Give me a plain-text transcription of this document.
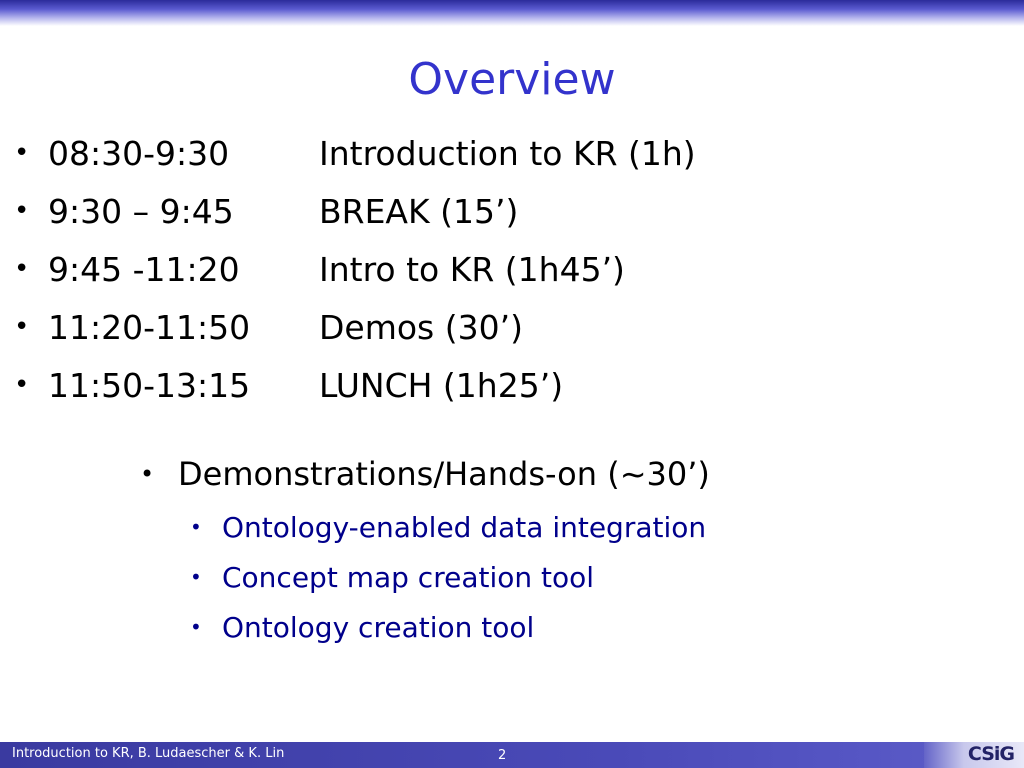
Overview
• 08:30-9:30	Introduction to KR (1h)
• 9:30 – 9:45	BREAK (15’)
• 9:45 -11:20	Intro to KR (1h45’)
• 11:20-11:50	Demos (30’)
• 11:50-13:15	LUNCH (1h25’)
• Demonstrations/Hands-on (~30’)
• Ontology-enabled data integration
• Concept map creation tool
• Ontology creation tool
Introduction to KR, B. Ludaescher & K. Lin	2	CSiG
